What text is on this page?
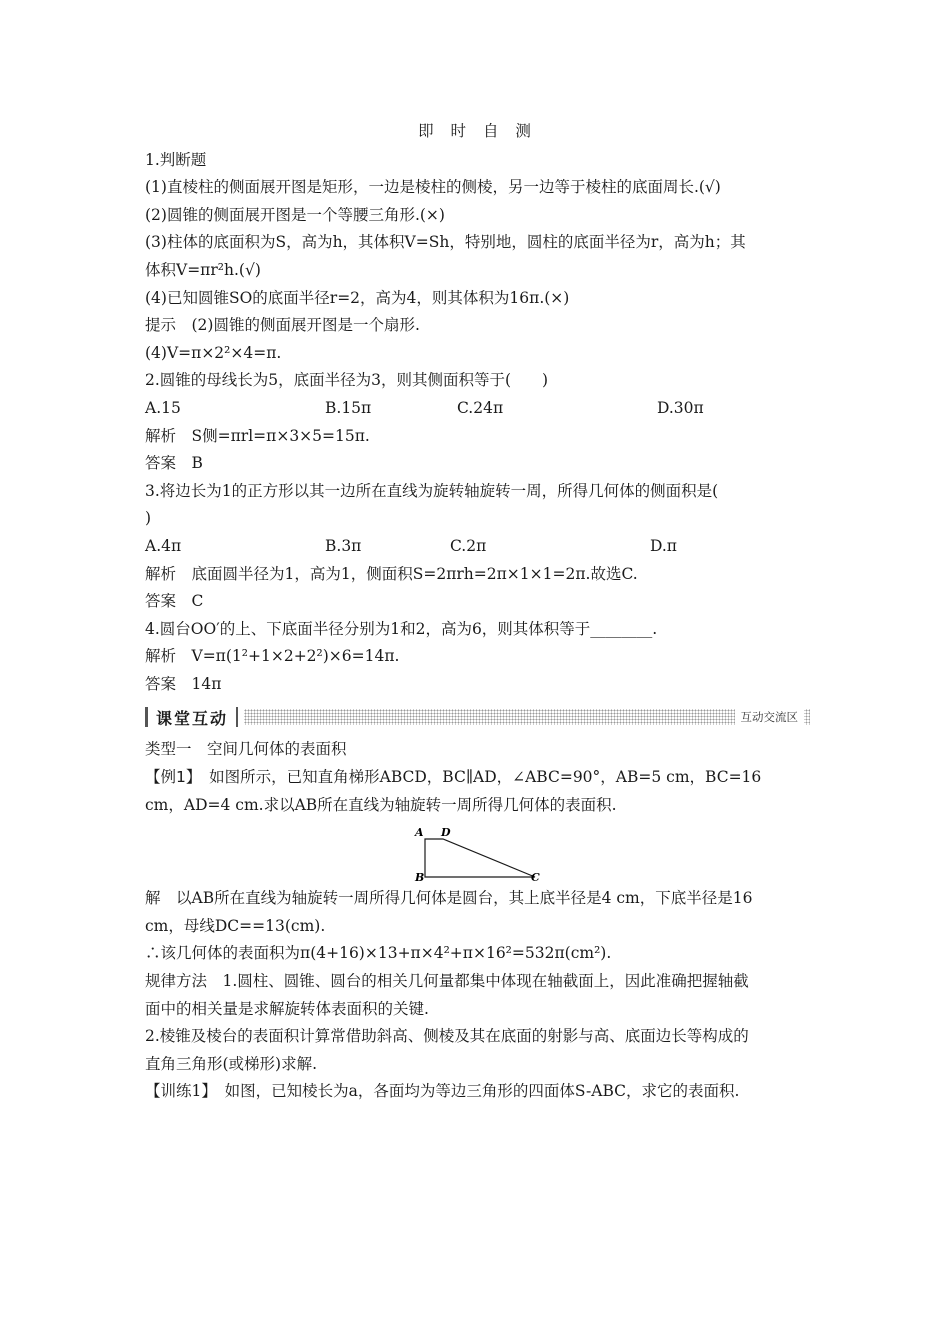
即 时 自 测
1.判断题
(1)直棱柱的侧面展开图是矩形，一边是棱柱的侧棱，另一边等于棱柱的底面周长.(√)
(2)圆锥的侧面展开图是一个等腰三角形.(×)
(3)柱体的底面积为S，高为h，其体积V=Sh，特别地，圆柱的底面半径为r，高为h；其
体积V=πr²h.(√)
(4)已知圆锥SO的底面半径r=2，高为4，则其体积为16π.(×)
提示　(2)圆锥的侧面展开图是一个扇形.
(4)V=π×2²×4=π.
2.圆锥的母线长为5，底面半径为3，则其侧面积等于(　　)
A.15	B.15π	C.24π	D.30π
解析　S侧=πrl=π×3×5=15π.
答案　B
3.将边长为1的正方形以其一边所在直线为旋转轴旋转一周，所得几何体的侧面积是(
)
A.4π	B.3π	C.2π	D.π
解析　底面圆半径为1，高为1，侧面积S=2πrh=2π×1×1=2π.故选C.
答案　C
4.圆台OO′的上、下底面半径分别为1和2，高为6，则其体积等于________.
解析　V=π(1²+1×2+2²)×6=14π.
答案　14π
课堂互动	互动交流区
类型一　空间几何体的表面积
【例1】　 如图所示，已知直角梯形ABCD，BC∥AD，∠ABC=90°，AB=5 cm，BC=16
cm，AD=4 cm.求以AB所在直线为轴旋转一周所得几何体的表面积.
A D
B	C
解　以AB所在直线为轴旋转一周所得几何体是圆台，其上底半径是4 cm，下底半径是16
cm，母线DC==13(cm).
∴该几何体的表面积为π(4+16)×13+π×4²+π×16²=532π(cm²).
规律方法　1.圆柱、圆锥、圆台的相关几何量都集中体现在轴截面上，因此准确把握轴截
面中的相关量是求解旋转体表面积的关键.
2.棱锥及棱台的表面积计算常借助斜高、侧棱及其在底面的射影与高、底面边长等构成的
直角三角形(或梯形)求解.
【训练1】　如图，已知棱长为a，各面均为等边三角形的四面体S-ABC，求它的表面积.
